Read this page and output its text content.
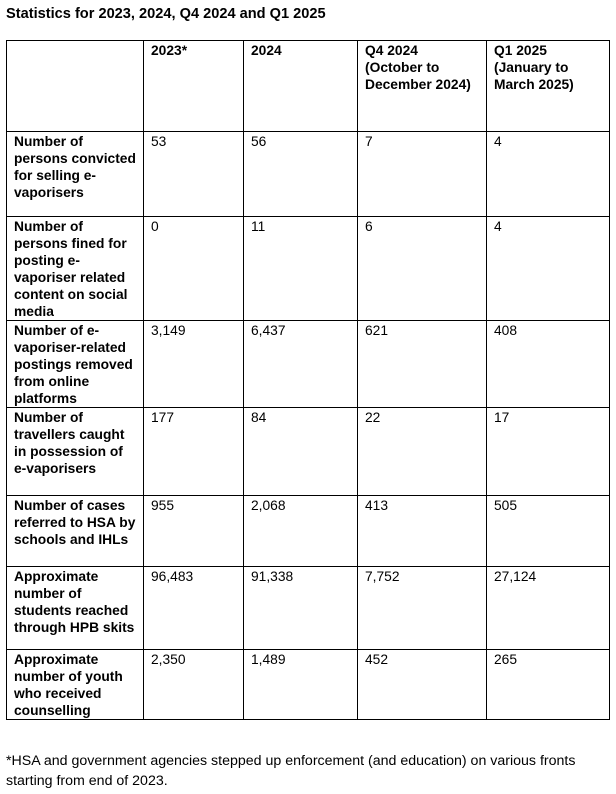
Statistics for 2023, 2024, Q4 2024 and Q1 2025
	2023*	2024	Q4 2024 (October to December 2024)	Q1 2025 (January to March 2025)
Number of persons convicted for selling e-vaporisers	53	56	7	4
Number of persons fined for posting e-vaporiser related content on social media	0	11	6	4
Number of e-vaporiser-related postings removed from online platforms	3,149	6,437	621	408
Number of travellers caught in possession of e-vaporisers	177	84	22	17
Number of cases referred to HSA by schools and IHLs	955	2,068	413	505
Approximate number of students reached through HPB skits	96,483	91,338	7,752	27,124
Approximate number of youth who received counselling	2,350	1,489	452	265
*HSA and government agencies stepped up enforcement (and education) on various fronts starting from end of 2023.
